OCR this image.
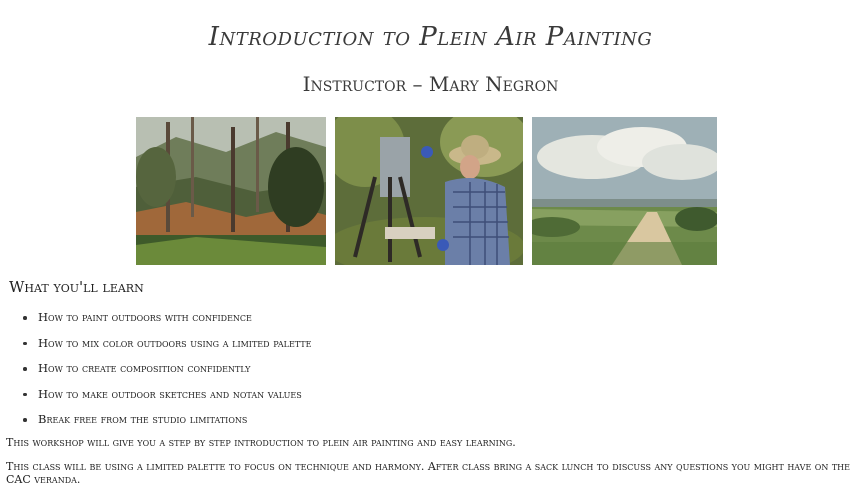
Introduction to Plein Air Painting
Instructor – Mary Negron
What you'll learn
How to paint outdoors with confidence
How to mix color outdoors using a limited palette
How to create composition confidently
How to make outdoor sketches and notan values
Break free from the studio limitations

This workshop will give you a step by step introduction to plein air painting and easy learning.

This class will be using a limited palette to focus on technique and harmony. After class bring a sack lunch to discuss any questions you might have on the CAC veranda.
